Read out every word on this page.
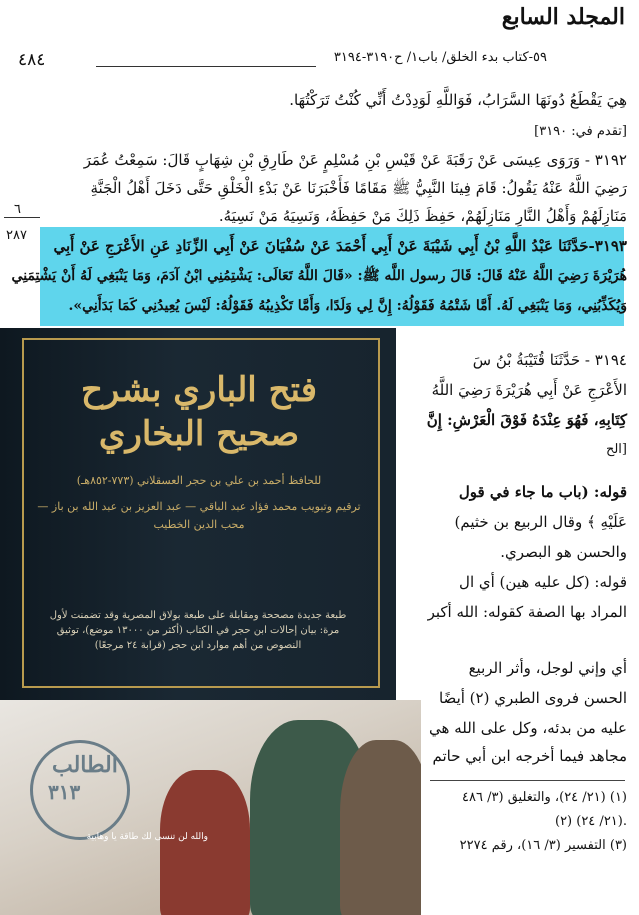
المجلد السابع
٤٨٤	٥٩-كتاب بدء الخلق/ باب١/ ح٣١٩٠-٣١٩٤
٦
٢٨٧
هِيَ يَقْطَعُ دُونَهَا السَّرَابُ، فَوَاللَّهِ لَوَدِدْتُ أَنِّي كُنْتُ تَرَكْتُهَا.
[تقدم في: ٣١٩٠]
٣١٩٢ - وَرَوَى عِيسَى عَنْ رَقَبَةَ عَنْ قَيْسِ بْنِ مُسْلِمٍ عَنْ طَارِقِ بْنِ شِهَابٍ قَالَ: سَمِعْتُ عُمَرَ
رَضِيَ اللَّهُ عَنْهُ يَقُولُ: قَامَ فِينَا النَّبِيُّ ﷺ مَقَامًا فَأَخْبَرَنَا عَنْ بَدْءِ الْخَلْقِ حَتَّى دَخَلَ أَهْلُ الْجَنَّةِ
مَنَازِلَهُمْ وَأَهْلُ النَّارِ مَنَازِلَهُمْ، حَفِظَ ذَلِكَ مَنْ حَفِظَهُ، وَنَسِيَهُ مَنْ نَسِيَهُ.
٣١٩٣-حَدَّثَنَا عَبْدُ اللَّهِ بْنُ أَبِي شَيْبَةَ عَنْ أَبِي أَحْمَدَ عَنْ سُفْيَانَ عَنْ أَبِي الزِّنَادِ عَنِ الأَعْرَجِ عَنْ أَبِي
هُرَيْرَةَ رَضِيَ اللَّهُ عَنْهُ قَالَ: قَالَ رسول اللَّه ﷺ: «قَالَ اللَّهُ تَعَالَى: يَشْتِمُنِي ابْنُ آدَمَ، وَمَا يَنْبَغِي لَهُ أَنْ يَشْتِمَنِي
وَيُكَذِّبُنِي، وَمَا يَنْبَغِي لَهُ. أَمَّا شَتْمُهُ فَقَوْلُهُ: إِنَّ لِي وَلَدًا، وَأَمَّا تَكْذِيبُهُ فَقَوْلُهُ: لَيْسَ يُعِيدُنِي كَمَا بَدَأَنِي».
٣١٩٤ - حَدَّثَنَا قُتَيْبَةُ بْنُ سَ
الأَعْرَجِ عَنْ أَبِي هُرَيْرَةَ رَضِيَ اللَّهُ
كِتَابِهِ، فَهُوَ عِنْدَهُ فَوْقَ الْعَرْشِ: إِنَّ
[الح
قوله: (باب ما جاء في قول
عَلَيْهِ ﴾ وقال الربيع بن خثيم)
والحسن هو البصري.
قوله: (كل عليه هين) أي ال
المراد بها الصفة كقوله: الله أكبر
أي وإني لوجل، وأثر الربيع
الحسن فروى الطبري (٢) أيضًا
عليه من بدئه، وكل على الله هي
مجاهد فيما أخرجه ابن أبي حاتم
(١) (٢١/ ٢٤)، والتغليق (٣/ ٤٨٦
(٢) (٢١/ ٢٤).
(٣) التفسير (٣/ ١٦)، رقم ٢٢٧٤
فتح الباري بشرح صحيح البخاري
للحافظ أحمد بن علي بن حجر العسقلاني (٧٧٣-٨٥٢هـ)
ترقيم وتبويب محمد فؤاد عبد الباقي — عبد العزيز بن عبد الله بن باز — محب الدين الخطيب
طبعة جديدة مصححة ومقابلة على طبعة بولاق المصرية وقد تضمنت لأول مرة: بيان إحالات ابن حجر في الكتاب (أكثر من ١٣٠٠٠ موضع)، توثيق النصوص من أهم موارد ابن حجر (قرابة ٢٤ مرجعًا)
الطالب
٣١٣
والله لن تنسى لك طاقة يا وهابية
